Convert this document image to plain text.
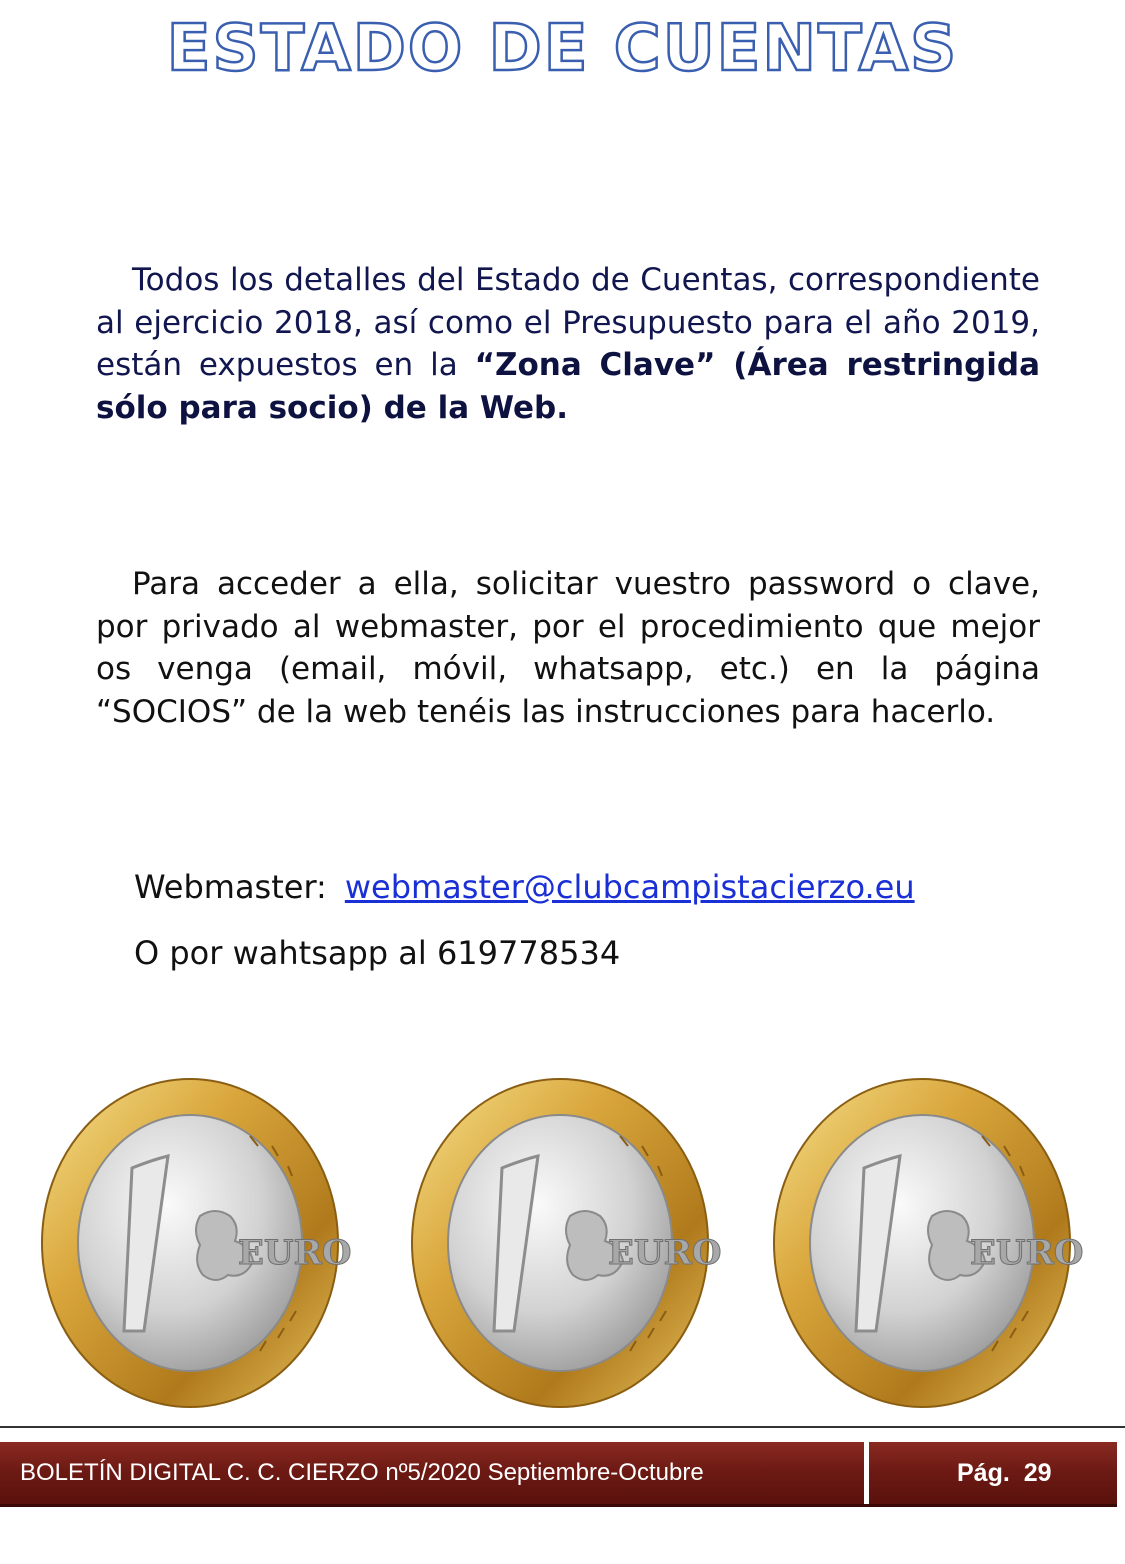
ESTADO DE CUENTAS
Todos los detalles del Estado de Cuentas, correspondiente al ejercicio 2018, así como el Presupuesto para el año 2019, están expuestos en la “Zona Clave” (Área restringida sólo para socio) de la Web.
Para acceder a ella, solicitar vuestro password o clave, por privado al webmaster, por el procedimiento que mejor os venga (email, móvil, whatsapp, etc.) en la página “SOCIOS” de la web tenéis las instrucciones para hacerlo.
Webmaster: webmaster@clubcampistacierzo.eu
O por wahtsapp al 619778534
EURO	EURO	EURO
BOLETÍN DIGITAL C. C. CIERZO nº5/2020 Septiembre-Octubre	Pág. 29
